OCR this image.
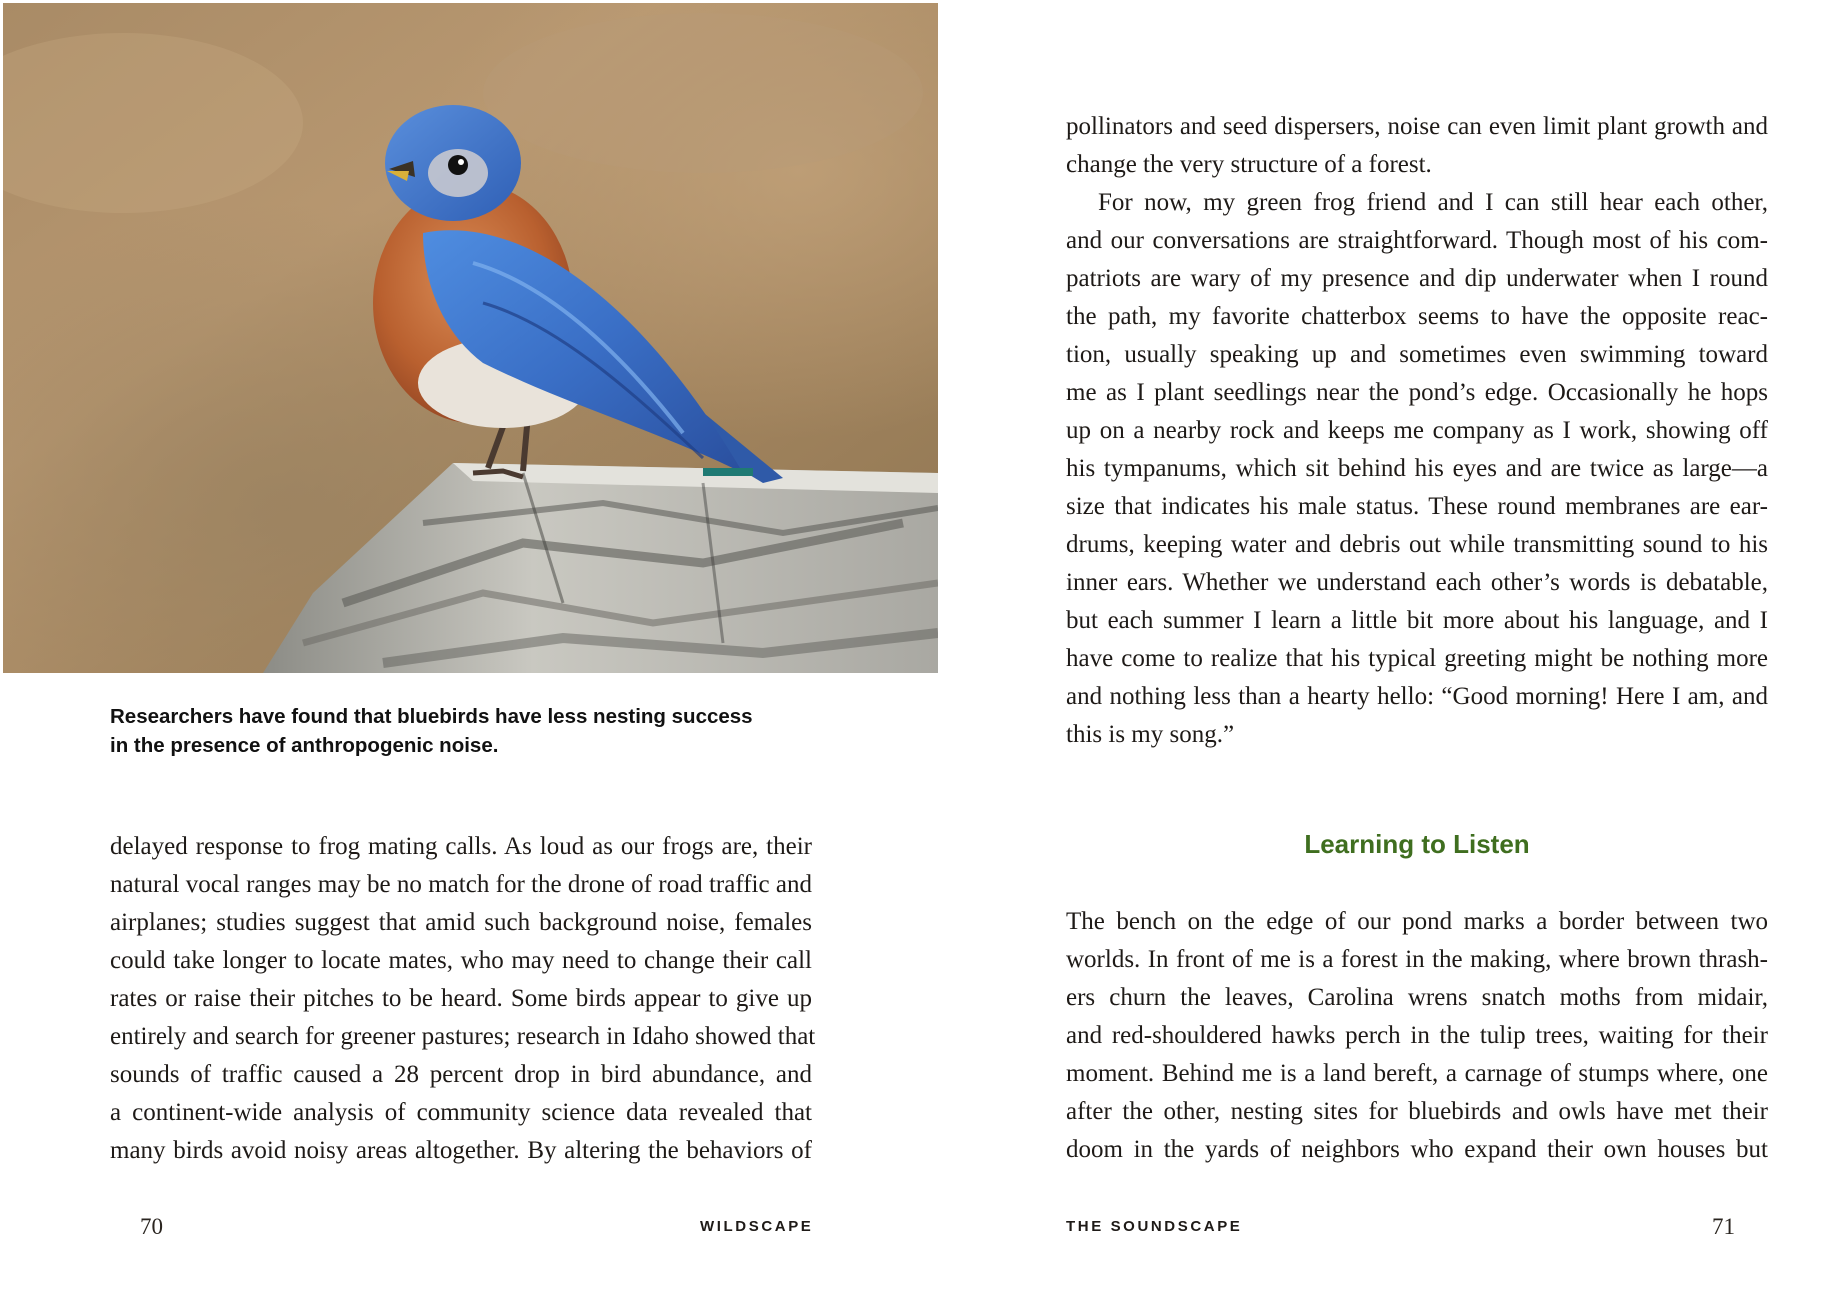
Researchers have found that bluebirds have less nesting success
in the presence of anthropogenic noise.
delayed response to frog mating calls. As loud as our frogs are, their
natural vocal ranges may be no match for the drone of road traffic and
airplanes; studies suggest that amid such background noise, females
could take longer to locate mates, who may need to change their call
rates or raise their pitches to be heard. Some birds appear to give up
entirely and search for greener pastures; research in Idaho showed that
sounds of traffic caused a 28 percent drop in bird abundance, and
a continent-wide analysis of community science data revealed that
many birds avoid noisy areas altogether. By altering the behaviors of
70	WILDSCAPE
pollinators and seed dispersers, noise can even limit plant growth and
change the very structure of a forest.
For now, my green frog friend and I can still hear each other,
and our conversations are straightforward. Though most of his com-
patriots are wary of my presence and dip underwater when I round
the path, my favorite chatterbox seems to have the opposite reac-
tion, usually speaking up and sometimes even swimming toward
me as I plant seedlings near the pond’s edge. Occasionally he hops
up on a nearby rock and keeps me company as I work, showing off
his tympanums, which sit behind his eyes and are twice as large—a
size that indicates his male status. These round membranes are ear-
drums, keeping water and debris out while transmitting sound to his
inner ears. Whether we understand each other’s words is debatable,
but each summer I learn a little bit more about his language, and I
have come to realize that his typical greeting might be nothing more
and nothing less than a hearty hello: “Good morning! Here I am, and
this is my song.”
Learning to Listen
The bench on the edge of our pond marks a border between two
worlds. In front of me is a forest in the making, where brown thrash-
ers churn the leaves, Carolina wrens snatch moths from midair,
and red-shouldered hawks perch in the tulip trees, waiting for their
moment. Behind me is a land bereft, a carnage of stumps where, one
after the other, nesting sites for bluebirds and owls have met their
doom in the yards of neighbors who expand their own houses but
THE SOUNDSCAPE	71
